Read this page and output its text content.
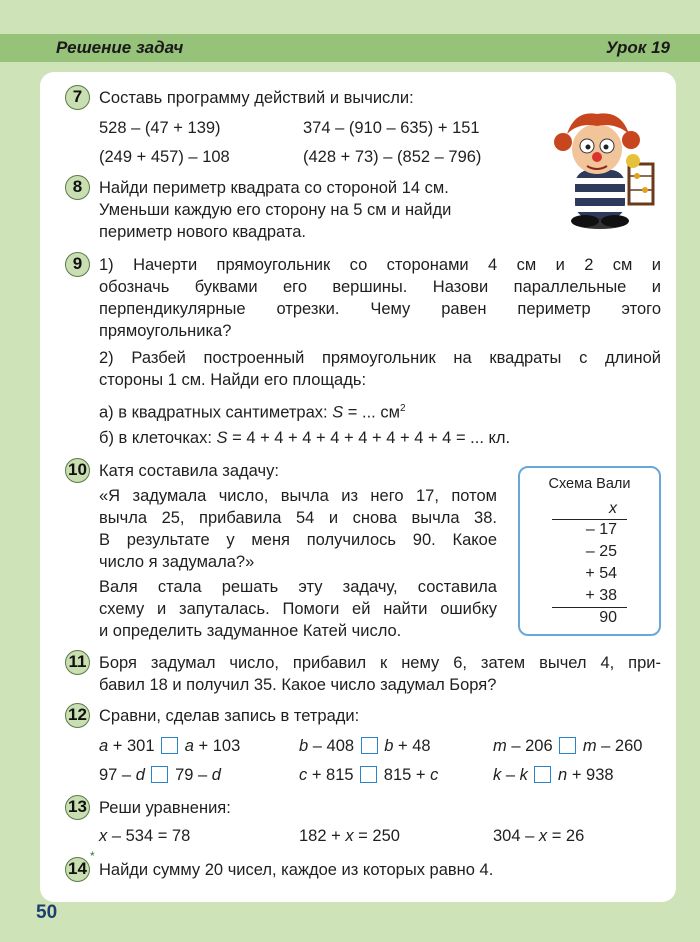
Решение задач	Урок 19
7	Составь программу действий и вычисли:
528 – (47 + 139)	374 – (910 – 635) + 151
(249 + 457) – 108	(428 + 73) – (852 – 796)
8	Найди периметр квадрата со стороной 14 см.
Уменьши каждую его сторону на 5 см и найди
периметр нового квадрата.
9	1) Начерти прямоугольник со сторонами 4 см и 2 см и
обозначь буквами его вершины. Назови параллельные и
перпендикулярные отрезки. Чему равен периметр этого
прямоугольника?
2) Разбей построенный прямоугольник на квадраты с длиной
стороны 1 см. Найди его площадь:
а) в квадратных сантиметрах: S = ... $см^2$
б) в клеточках: S = 4 + 4 + 4 + 4 + 4 + 4 + 4 + 4 = ... кл.
10 Катя составила задачу:
«Я задумала число, вычла из него 17, потом
вычла 25, прибавила 54 и снова вычла 38.
В результате у меня получилось 90. Какое
число я задумала?»
Валя стала решать эту задачу, составила
схему и запуталась. Помоги ей найти ошибку
и определить задуманное Катей число.
Схема Вали
x
– 17
– 25
+ 54
+ 38
90
11 Боря задумал число, прибавил к нему 6, затем вычел 4, при-
бавил 18 и получил 35. Какое число задумал Боря?
12 Сравни, сделав запись в тетради:
a + 301 a + 103	b – 408 b + 48	m – 206 m – 260
97 – d 79 – d	c + 815 815 + c	k – k n + 938
13 Реши уравнения:
x – 534 = 78	182 + x = 250	304 – x = 26
*
14 Найди сумму 20 чисел, каждое из которых равно 4.
50
